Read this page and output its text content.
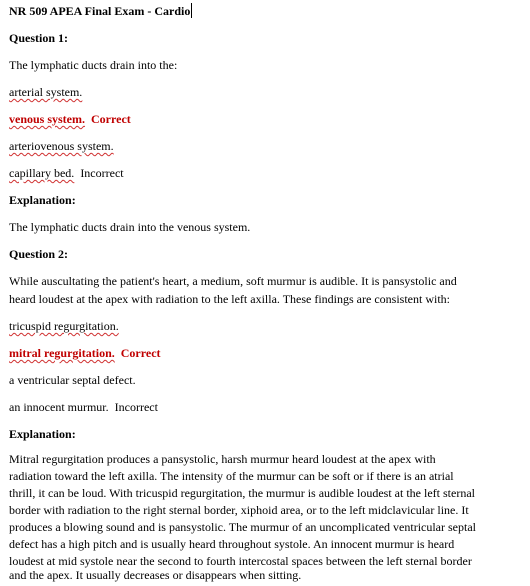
NR 509 APEA Final Exam - Cardio
Question 1:
The lymphatic ducts drain into the:
arterial system.
venous system. Correct
arteriovenous system.
capillary bed. Incorrect
Explanation:
The lymphatic ducts drain into the venous system.
Question 2:
While auscultating the patient's heart, a medium, soft murmur is audible. It is pansystolic and
heard loudest at the apex with radiation to the left axilla. These findings are consistent with:
tricuspid regurgitation.
mitral regurgitation. Correct
a ventricular septal defect.
an innocent murmur. Incorrect
Explanation:
Mitral regurgitation produces a pansystolic, harsh murmur heard loudest at the apex with
radiation toward the left axilla. The intensity of the murmur can be soft or if there is an atrial
thrill, it can be loud. With tricuspid regurgitation, the murmur is audible loudest at the left sternal
border with radiation to the right sternal border, xiphoid area, or to the left midclavicular line. It
produces a blowing sound and is pansystolic. The murmur of an uncomplicated ventricular septal
defect has a high pitch and is usually heard throughout systole. An innocent murmur is heard
loudest at mid systole near the second to fourth intercostal spaces between the left sternal border
and the apex. It usually decreases or disappears when sitting.
